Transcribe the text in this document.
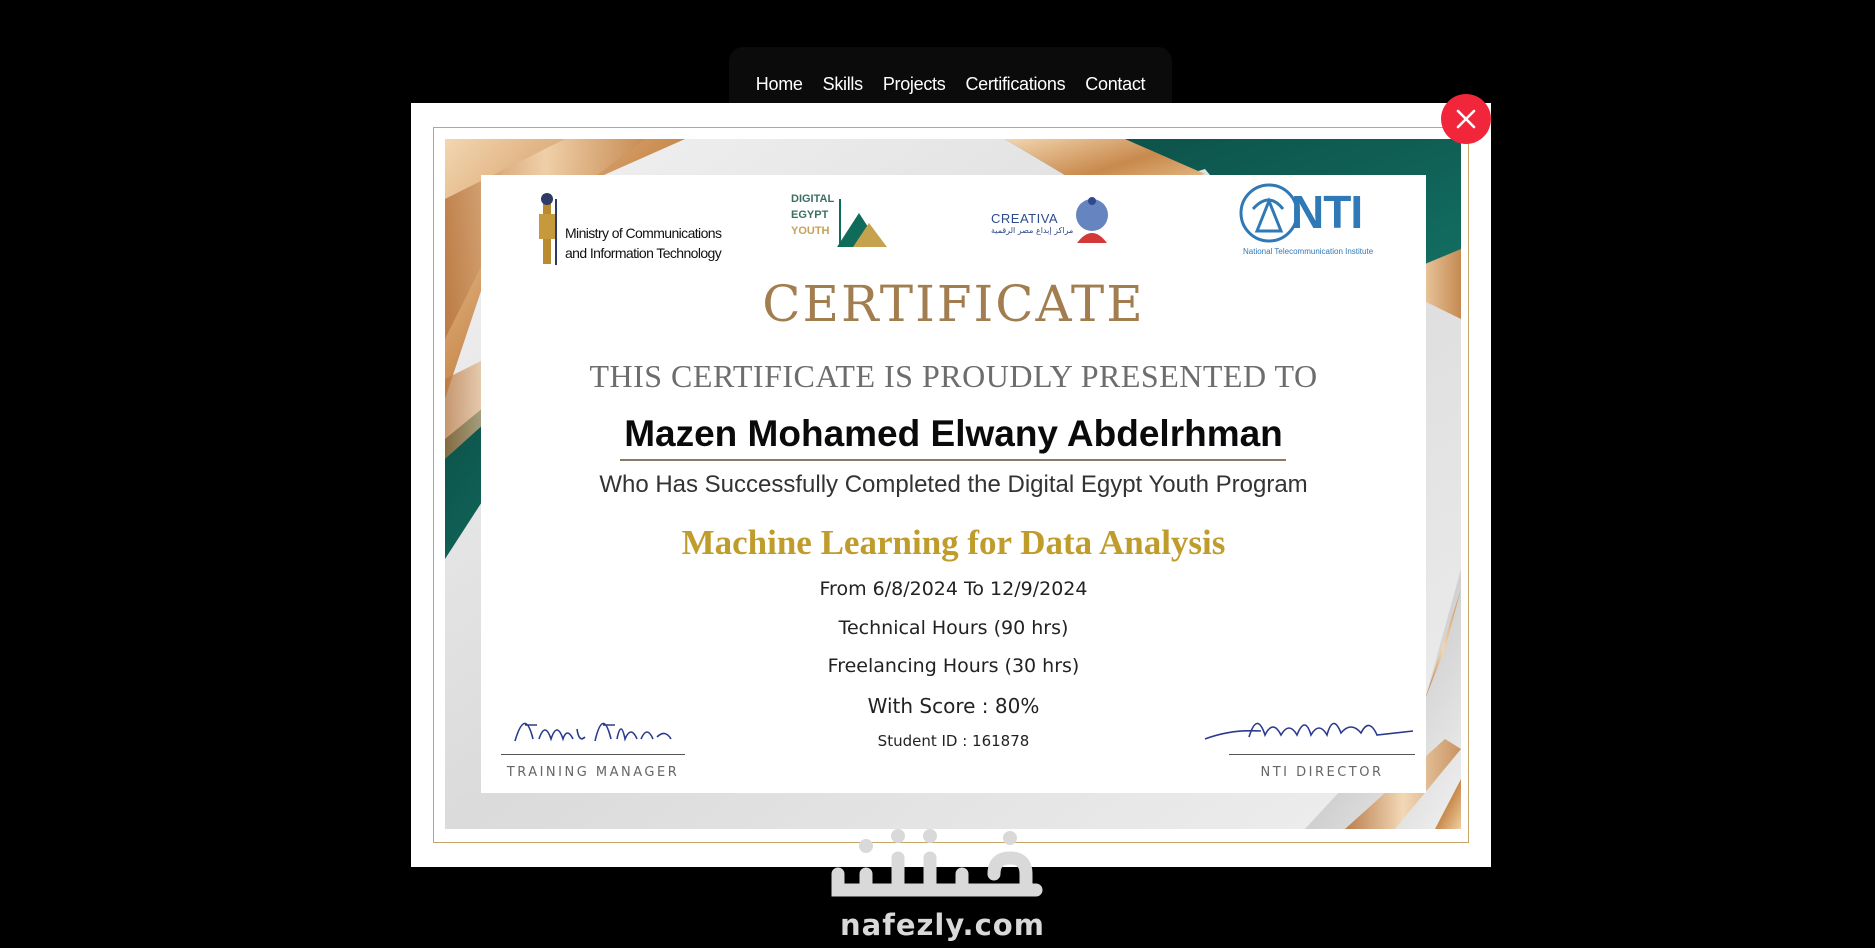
Home Skills Projects Certifications Contact
Ministry of Communications
and Information Technology
DIGITAL
EGYPT
YOUTH
CREATIVA
مراكز إبداع مصر الرقمية	NTI
National Telecommunication Institute
CERTIFICATE
THIS CERTIFICATE IS PROUDLY PRESENTED TO
Mazen Mohamed Elwany Abdelrhman
Who Has Successfully Completed the Digital Egypt Youth Program
Machine Learning for Data Analysis
From 6/8/2024 To 12/9/2024
Technical Hours (90 hrs)
Freelancing Hours (30 hrs)
With Score : 80%
Student ID : 161878
TRAINING MANAGER	NTI DIRECTOR
nafezly.com
